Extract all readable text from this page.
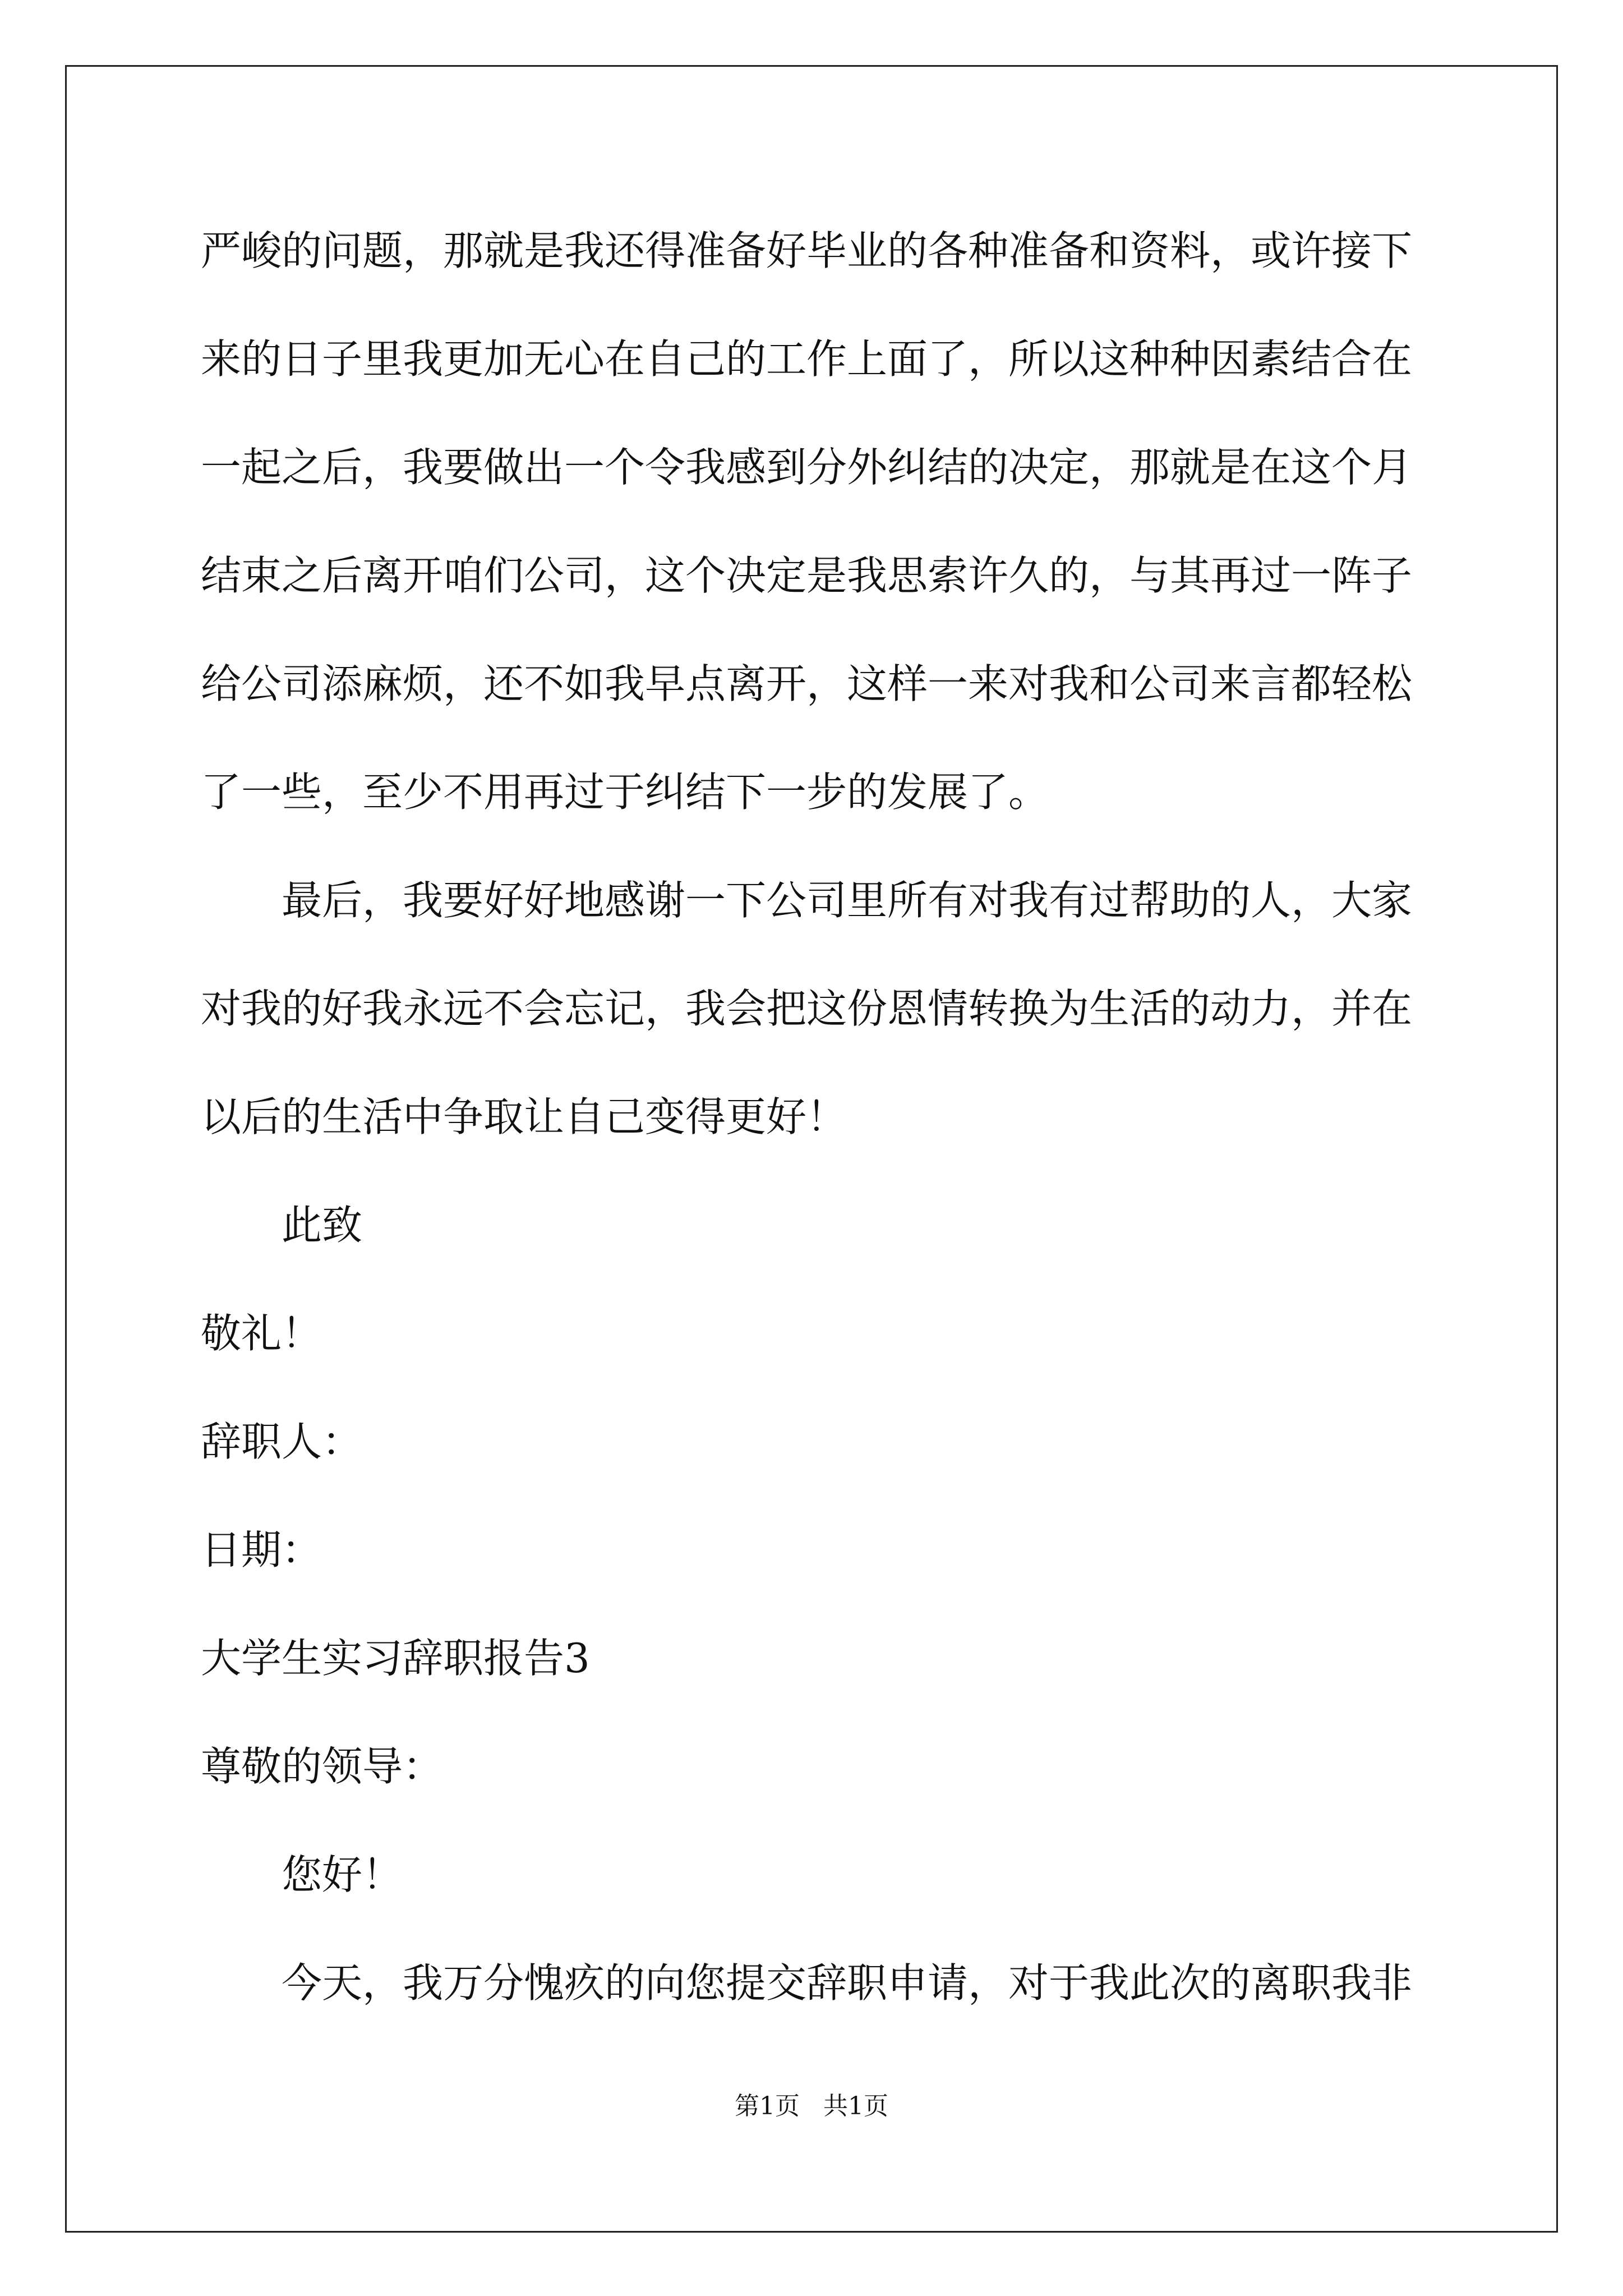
严峻的问题，那就是我还得准备好毕业的各种准备和资料，或许接下
来的日子里我更加无心在自己的工作上面了，所以这种种因素结合在
一起之后，我要做出一个令我感到分外纠结的决定，那就是在这个月
结束之后离开咱们公司，这个决定是我思索许久的，与其再过一阵子
给公司添麻烦，还不如我早点离开，这样一来对我和公司来言都轻松
了一些，至少不用再过于纠结下一步的发展了。
最后，我要好好地感谢一下公司里所有对我有过帮助的人，大家
对我的好我永远不会忘记，我会把这份恩情转换为生活的动力，并在
以后的生活中争取让自己变得更好！
此致
敬礼！
辞职人：
日期：
大学生实习辞职报告3
尊敬的领导：
您好！
今天，我万分愧疚的向您提交辞职申请，对于我此次的离职我非
第1页   共1页
